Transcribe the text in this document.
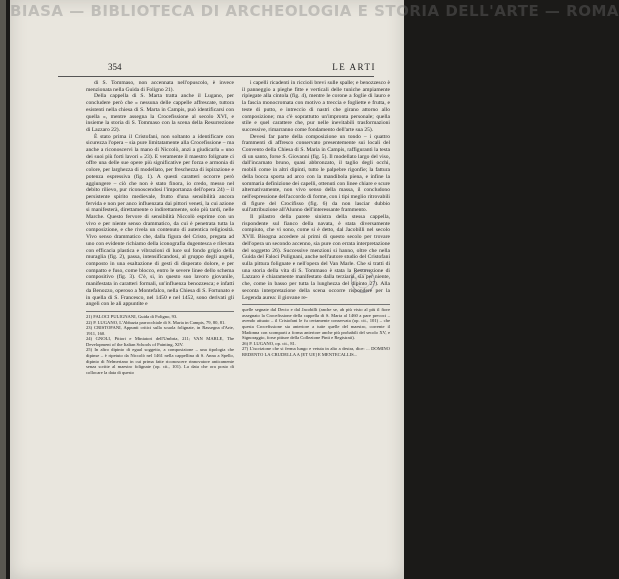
BIASA — BIBLIOTECA DI ARCHEOLOGIA E STORIA DELL'ARTE — ROMA
354	LE ARTI

di S. Tommaso, non accennata nell'opuscolo, è invece menzionata nella Guida di Foligno 21).

Della cappella di S. Marta tratta anche il Lugano, per concludere però che « nessuna delle cappelle affrescate, tuttora esistenti nella chiesa di S. Marta in Campis, può identificarsi con quella », mentre assegna la Crocefissione al secolo XVI, e insieme la storia di S. Tommaso con la scena della Resurrezione di Lazzaro 22).

È stato prima il Cristofani, non soltanto a identificare con sicurezza l'opera – sia pure limitatamente alla Crocefissione – ma anche a riconoscervi la mano di Niccolò, anzi a giudicarla « uno dei suoi più forti lavori » 23). E veramente il maestro folignate ci offre una delle sue opere più significative per forza e armonia di colore, per larghezza di modellato, per freschezza di ispirazione e potenza espressiva (fig. 1). A questi caratteri occorre però aggiungere – ciò che non è stato finora, io credo, messo nel debito rilievo, pur riconoscendosi l'importanza dell'opera 24) – il persistente spirito medievale, frutto d'una sensibilità ancora fervida e non per anco influenzata dai pittori veneti, la cui azione si manifesterà, direttamente o indirettamente, solo più tardi, nelle Marche. Questo fervore di sensibilità Niccolò esprime con un vivo e per niente senso drammatico, da cui è penetrata tutta la composizione, e che rivela un contenuto di autentica religiosità. Vivo senso drammatico che, dalla figura del Cristo, pregata ad uno con evidente richiamo della iconografia dugentesca e rilevata con efficacia plastica e vibrazioni di luce sul fondo grigio della muraglia (fig. 2), passa, intensificandosi, al gruppo degli angeli, composto in una esaltazione di gesti di disperato dolore, e per compatto e fuso, come blocco, entro le severe linee dello schema compositivo (fig. 3). C'è, si, in questo suo lavoro giovanile, manifestata in caratteri formali, un'influenza benozzesca; e infatti da Benozzo, operoso a Montefalco, nella Chiesa di S. Fortunato e in quella di S. Francesco, nel 1450 e nel 1452, sono derivati gli angeli con le ali appuntite e

21) FALOCI PULIGNANI, Guida di Foligno, 93.
22) P. LUGANO, L'Abbazia parrocchiale di S. Maria in Campis, 79, 80, 81.
23) CRISTOFANI, Appunti critici sulla scuola folignate, in Rassegna d'Arte, 1911, 160.
24) GNOLI, Pittori e Miniatori dell'Umbria, 211; VAN MARLE, The Development of the Italian Schools of Painting, XIV.
25) In altro dipinto di egual soggetto, a composizione – una tipologia che dipinse – è ripetuto da Niccolò nel 1461 nella cappellina di S. Anna a Spello, dipinto di Nelmeriano in cui prima fatte riconoscere rinnovatore anticamente senza scritte al maestro folignate (op. cit., 101). La data che ora posto di collocare la data di questo

i capelli ricadenti in riccioli brevi sulle spalle; e benozzesco è il panneggio a pieghe fitte e verticali delle tuniche ampiamente ripiegate alla cintola (fig. 4), mentre le corone a foglie di lauro e la fascia monocromata con motivo a treccia e fogliette e frutta, e teste di putto, e intreccio di nastri che girano attorno allo composizione; ma c'è soprattutto un'impronta personale; quella stile e quel carattere che, pur nelle inevitabili trasformazioni successive, rimarranno come fondamento dell'arte sua 25).

Devesi far parte della composizione un tondo – i quattro frammenti di affresco conservato presentemente sui locali del Convento della Chiesa di S. Maria in Campis, raffiguranti la testa di un santo, forse S. Giovanni (fig. 5). Il modellato largo del viso, dall'incarnato bruno, quasi abbronzato, il taglio degli occhi, mobili come in altri dipinti, tutto le palpebre rigonfie; la fattura della bocca sporta ad arco con la mandibola piena, e infine la sommaria definizione dei capelli, ottenuti con linee chiare e scure alternativamente, non vivo senso della massa, il concludono nell'espressione dell'accordo di forme, con i tipi meglio ritrovabili di figure del Crocifisso (fig. 6) da non lasciar dubbio sull'attribuzione all'Alunno dell'interessante frammento.

Il pilastro della parete sinistra della stessa cappella, rispondente sul fianco della navata, è stata diversamente compiuto, che vi sono, come si è detto, dal Jacobilli nel secolo XVII. Bisogna accedere ai primi di questo secolo per trovare dell'opera un secondo accenno, sia pure con errata interpretazione del soggetto 26). Successive menzioni si hanno, oltre che nella Guida del Faloci Pulignani, anche nell'autore studio del Cristofani sulla pittura folignate e nell'opera del Van Marle. Che si tratti di una storia della vita di S. Tommaso è stata la Resurrezione di Lazzaro è chiaramente manifestato dalla terziaria, sia per niente, che, come in basso per tutta la lunghezza del dipinto 27). Alla seconta interpretazione della scena occorre rispondere per la Legenda aurea: il giovane re-

quelle segnate dal Decio e dal Jacobilli (anche se, ab più visto al più il fiore assegnato la Crocefissione della cappella di S. Marta al 1460 a pare precoci – avendo attuato – il Cristofani le fu certamente conservata (op. cit., 101) – che questa Crocefissione sia anteriore a tutte quelle del maestro, corrente il Madonna con scomparti a forma anteriore anche più probabili del secolo XV, e Signoraggio, forse pitture della Collezione Pinti e Registrati).
26) P. LUGANO, op. cit., 81.
27) L'iscrizione che si ferma lungo e vetuta in alto a destra, dice: ... DOMINO REDENTO LA CRUDELLA A [ET UE] E MENTECALLIS...
